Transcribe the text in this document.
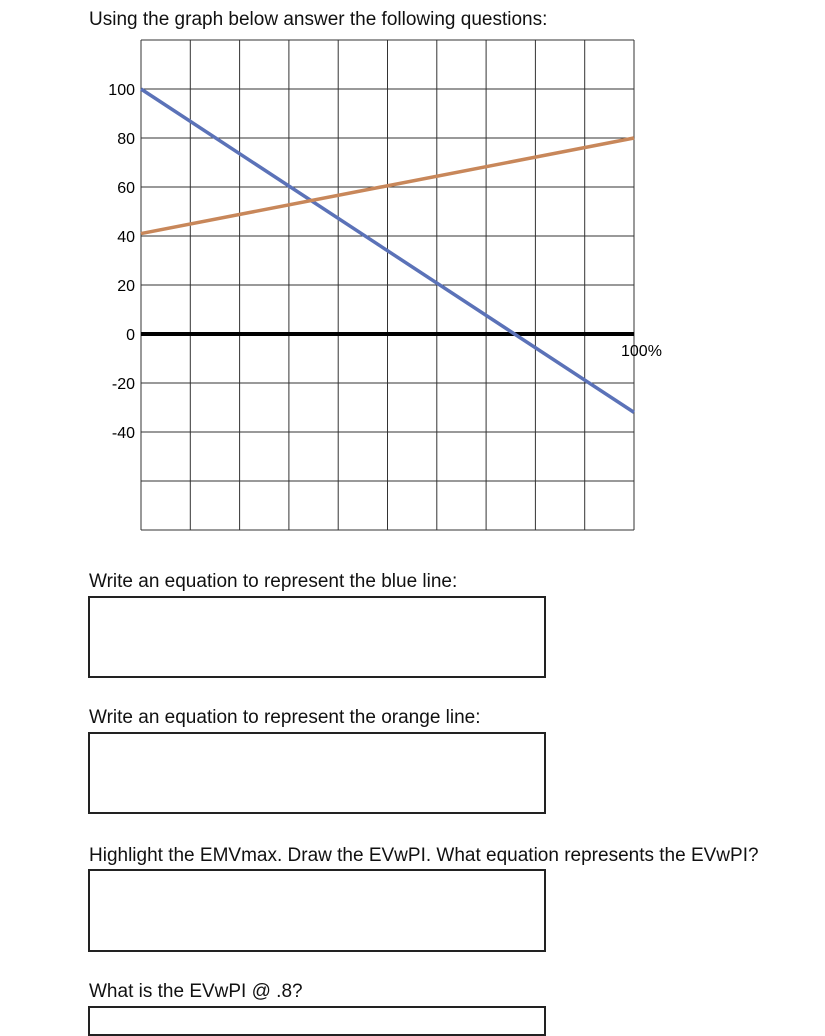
Using the graph below answer the following questions:
100
80
60
40
20
0
-20
-40
100%
Write an equation to represent the blue line:
Write an equation to represent the orange line:
Highlight the EMVmax. Draw the EVwPI. What equation represents the EVwPI?
What is the EVwPI @ .8?
